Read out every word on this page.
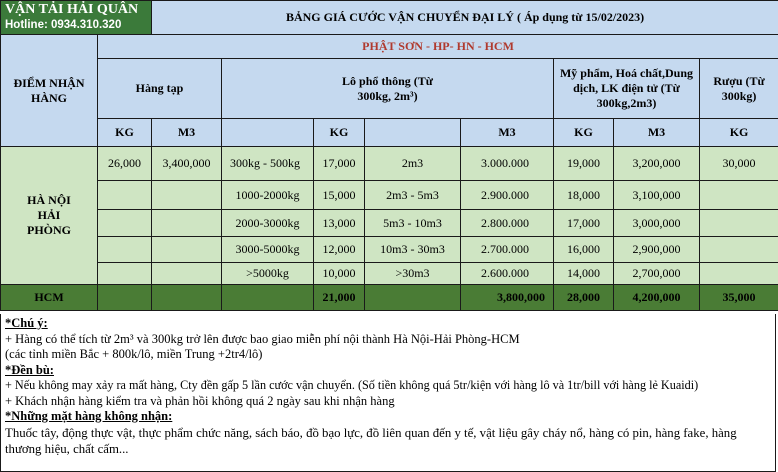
VẬN TẢI HẢI QUÂN
Hotline: 0934.310.320		BẢNG GIÁ CƯỚC VẬN CHUYỂN ĐẠI LÝ ( Áp dụng từ 15/02/2023)							
ĐIỂM NHẬN HÀNG	PHẬT SƠN - HP- HN - HCM								
	Hàng tạp		Lô phổ thông (Từ 300kg, 2m³)				Mỹ phẩm, Hoá chất,Dung dịch, LK điện tử (Từ 300kg,2m3)		Rượu (Từ 300kg)
	KG	M3		KG		M3	KG	M3	KG
HÀ NỘI HẢI PHÒNG	26,000	3,400,000	300kg - 500kg	17,000	2m3	3.000.000	19,000	3,200,000	30,000
			1000-2000kg	15,000	2m3 - 5m3	2.900.000	18,000	3,100,000	
			2000-3000kg	13,000	5m3 - 10m3	2.800.000	17,000	3,000,000	
			3000-5000kg	12,000	10m3 - 30m3	2.700.000	16,000	2,900,000	
			>5000kg	10,000	>30m3	2.600.000	14,000	2,700,000	
HCM				21,000		3,800,000	28,000	4,200,000	35,000
*Chú ý:
+ Hàng có thể tích từ 2m³ và 300kg trở lên được bao giao miễn phí nội thành Hà Nội-Hải Phòng-HCM
(các tỉnh miền Bắc + 800k/lô, miền Trung +2tr4/lô)
*Đền bù:
+ Nếu không may xảy ra mất hàng, Cty đền gấp 5 lần cước vận chuyển. (Số tiền không quá 5tr/kiện với hàng lô và 1tr/bill với hàng lẻ Kuaidi)
+ Khách nhận hàng kiểm tra và phản hồi không quá 2 ngày sau khi nhận hàng
*Những mặt hàng không nhận:
Thuốc tây, động thực vật, thực phẩm chức năng, sách báo, đồ bạo lực, đồ liên quan đến y tế, vật liệu gây cháy nổ, hàng có pin, hàng fake, hàng thương hiệu, chất cấm...
